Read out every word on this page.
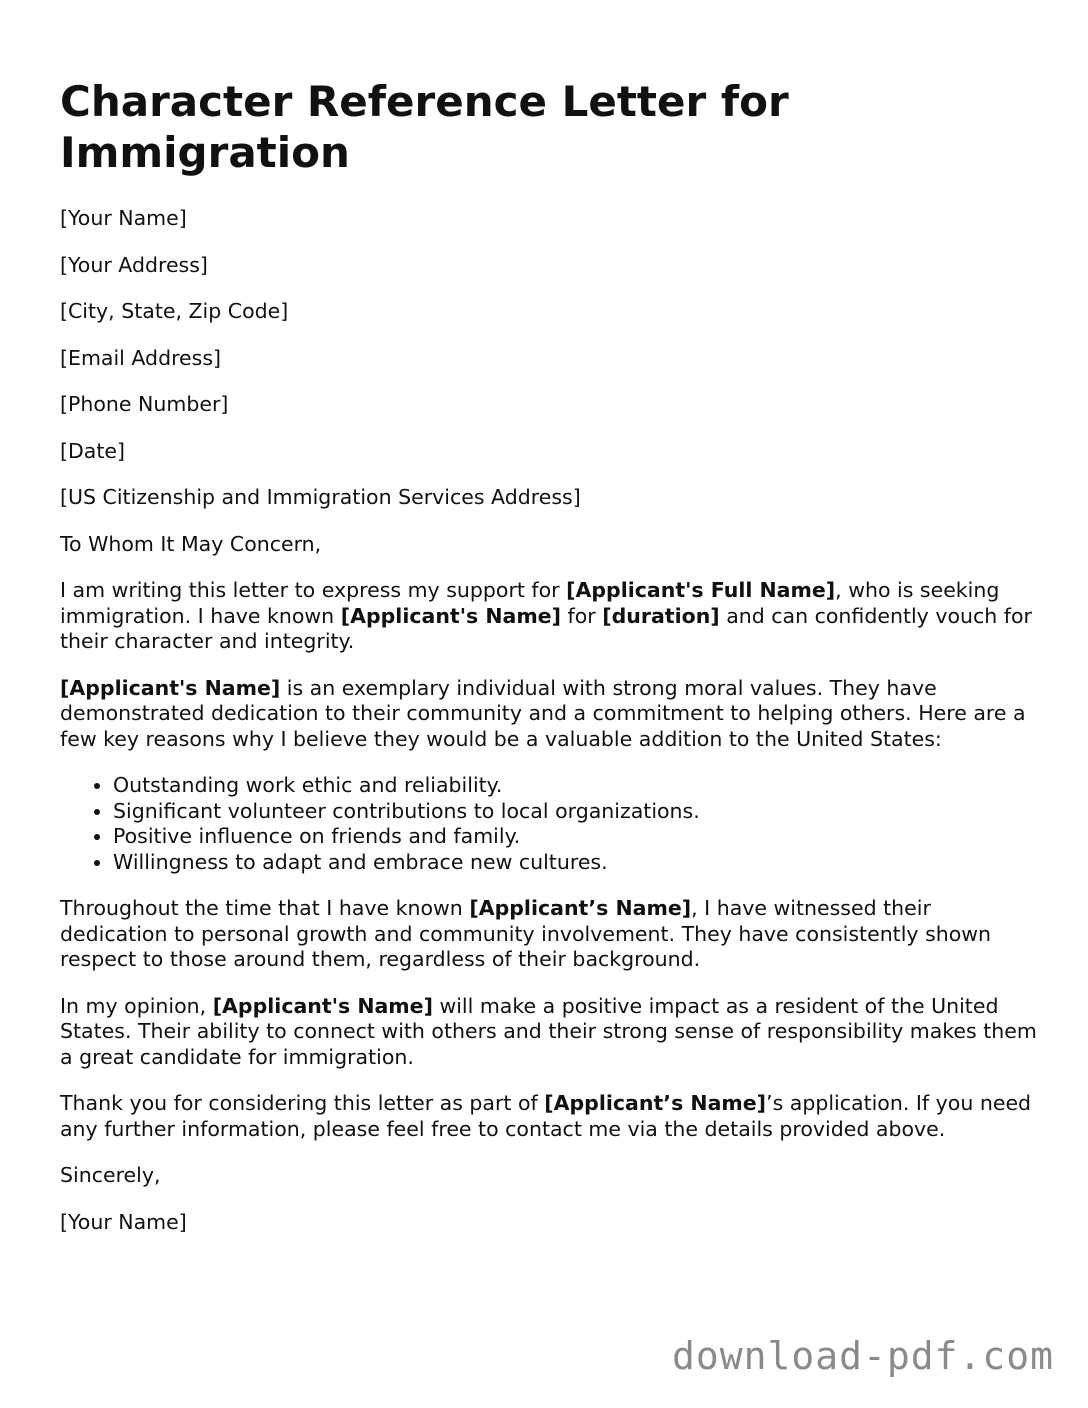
Character Reference Letter for Immigration

[Your Name]

[Your Address]

[City, State, Zip Code]

[Email Address]

[Phone Number]

[Date]

[US Citizenship and Immigration Services Address]

To Whom It May Concern,

I am writing this letter to express my support for [Applicant's Full Name], who is seeking immigration. I have known [Applicant's Name] for [duration] and can confidently vouch for their character and integrity.

[Applicant's Name] is an exemplary individual with strong moral values. They have demonstrated dedication to their community and a commitment to helping others. Here are a few key reasons why I believe they would be a valuable addition to the United States:

• Outstanding work ethic and reliability.
• Significant volunteer contributions to local organizations.
• Positive influence on friends and family.
• Willingness to adapt and embrace new cultures.

Throughout the time that I have known [Applicant’s Name], I have witnessed their dedication to personal growth and community involvement. They have consistently shown respect to those around them, regardless of their background.

In my opinion, [Applicant's Name] will make a positive impact as a resident of the United States. Their ability to connect with others and their strong sense of responsibility makes them a great candidate for immigration.

Thank you for considering this letter as part of [Applicant’s Name]’s application. If you need any further information, please feel free to contact me via the details provided above.

Sincerely,

[Your Name]

download-pdf.com
